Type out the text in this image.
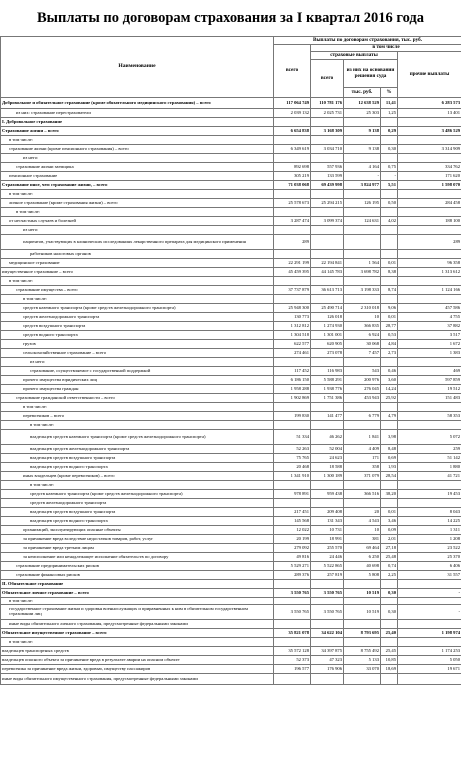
Выплаты по договорам страхования за I квартал 2016 года
Наименование	Выплаты по договорам страхования, тыс. руб.				
	всего	в том числе			
		страховые выплаты			прочие выплаты
		всего	из них на основании решения суда		
			тыс. руб.	%	
Добровольное и обязательное страхование (кроме обязательного медицинского страхования) – всего	117 064 749	110 781 176	12 638 529	11,41	6 283 573
из них: страхование перестрахователи	2 039 132	2 025 731	25 303	1,25	13 401
I. Добровольное страхование					
Страхование жизни – всего	6 654 838	3 168 309	9 138	0,29	3 486 529
в том числе:					
страхование жизни (кроме пенсионного страхования) – всего	6 349 619	3 034 710	9 138	0,30	3 314 909
из него:					
страхование жизни заемщика	892 698	557 936	4 164	0,75	334 762
пенсионное страхование	305 219	133 599	-	-	171 620
Страхование иное, чем страхование жизни, – всего	71 038 068	69 439 998	3 824 977	5,51	1 598 070
в том числе:					
личное страхование (кроме страхования жизни) – всего	25 578 673	25 294 215	126 195	0,50	284 458
в том числе:					
от несчастных случаев и болезней	3 287 474	3 099 374	124 631	4,02	188 100
из него:					
пациентов, участвующих в клинических исследованиях лекарственного препарата для медицинского применения	289				289
работников налоговых органов					
медицинское страхование	22 291 199	22 194 841	1 564	0,01	96 358
имущественное страхование – всего	45 459 395	44 145 783	3 698 782	8,38	1 313 612
в том числе:					
страхование имущества – всего	37 737 879	36 613 713	3 198 333	8,74	1 124 166
в том числе:					
средств наземного транспорта (кроме средств железнодорожного транспорта)	25 948 300	25 490 714	2 310 018	9,06	457 586
средств железнодорожного транспорта	130 773	126 018	10	0,01	4 755
средств воздушного транспорта	1 312 812	1 274 930	366 835	28,77	37 882
средств водного транспорта	1 304 518	1 301 001	6 924	0,53	3 517
грузов	622 577	620 905	30 068	4,84	1 672
сельскохозяйственное страхование – всего	274 461	273 078	7 457	2,73	1 383
из него:					
страхование, осуществляемое с государственной поддержкой	117 452	116 983	543	0,46	469
прочего имущества юридических лиц	6 186 150	5 588 291	200 976	3,60	597 859
прочего имущества граждан	1 958 288	1 938 776	276 045	14,24	19 512
страхование гражданской ответственности – всего	1 902 869	1 751 386	453 943	25,92	151 483
в том числе:					
перевозчиков – всего	199 830	141 477	6 779	4,79	58 353
в том числе:					
владельцев средств наземного транспорта (кроме средств железнодорожного транспорта)	51 334	46 262	1 841	3,98	5 072
владельцев средств железнодорожного транспорта	52 263	52 004	4 409	8,48	259
владельцев средств воздушного транспорта	75 765	24 623	171	0,69	51 142
владельцев средств водного транспорта	20 468	18 588	358	1,93	1 880
иных владельцев (кроме перевозчиков) – всего	1 341 910	1 300 189	371 079	28,54	41 721
в том числе:					
средств наземного транспорта (кроме средств железнодорожного транспорта)	978 891	959 438	366 516	38,20	19 453
средств железнодорожного транспорта					
владельцев средств воздушного транспорта	217 451	209 408	20	0,01	8 043
владельцев средств водного транспорта	145 568	131 343	4 543	3,46	14 225
организаций, эксплуатирующих опасные объекты	12 022	10 731	10	0,09	1 311
за причинение вреда вследствие недостатков товаров, работ, услуг	20 199	18 991	381	2,01	1 208
за причинение вреда третьим лицам	279 092	255 570	69 464	27,18	23 522
за неисполнение или ненадлежащее исполнение обязательств по договору	49 816	24 446	6 250	25,48	25 370
страхование предпринимательских рисков	5 529 271	5 522 865	40 698	0,74	6 406
страхование финансовых рисков	289 376	257 819	5 808	2,25	31 557
II. Обязательное страхование					
Обязательное личное страхование – всего	3 550 765	3 550 765	10 519	0,30	-
в том числе:					
государственное страхование жизни и здоровья военнослужащих и приравненных к ним в обязательном государственном страховании лиц	3 550 765	3 550 765	10 519	0,30	-
иные виды обязательного личного страхования, предусмотренные федеральными законами					
Обязательное имущественное страхование – всего	35 821 078	34 622 104	8 793 695	25,40	1 198 974
в том числе:					
владельцев транспортных средств	35 572 128	34 397 875	8 755 492	25,45	1 174 253
владельцев опасного объекта за причинение вреда в результате аварии на опасном объекте	52 373	47 323	5 133	10,85	5 050
перевозчика за причинение вреда жизни, здоровью, имуществу пассажиров	196 577	176 906	33 070	18,69	19 671
иные виды обязательного имущественного страхования, предусмотренные федеральными законами					
